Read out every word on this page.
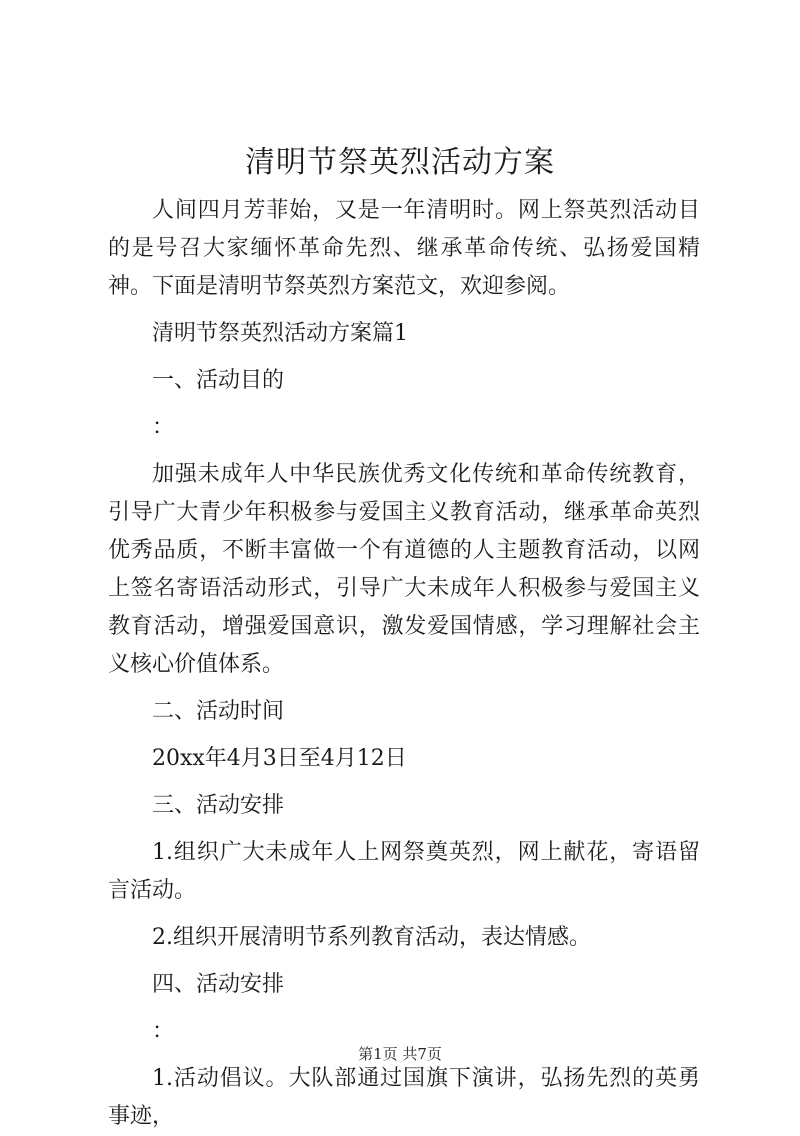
清明节祭英烈活动方案

人间四月芳菲始，又是一年清明时。网上祭英烈活动目的是号召大家缅怀革命先烈、继承革命传统、弘扬爱国精神。下面是清明节祭英烈方案范文，欢迎参阅。

清明节祭英烈活动方案篇1

一、活动目的

：

加强未成年人中华民族优秀文化传统和革命传统教育，引导广大青少年积极参与爱国主义教育活动，继承革命英烈优秀品质，不断丰富做一个有道德的人主题教育活动，以网上签名寄语活动形式，引导广大未成年人积极参与爱国主义教育活动，增强爱国意识，激发爱国情感，学习理解社会主义核心价值体系。

二、活动时间

20xx年4月3日至4月12日

三、活动安排

1.组织广大未成年人上网祭奠英烈，网上献花，寄语留言活动。

2.组织开展清明节系列教育活动，表达情感。

四、活动安排

：

1.活动倡议。大队部通过国旗下演讲，弘扬先烈的英勇事迹，

第1页 共7页
